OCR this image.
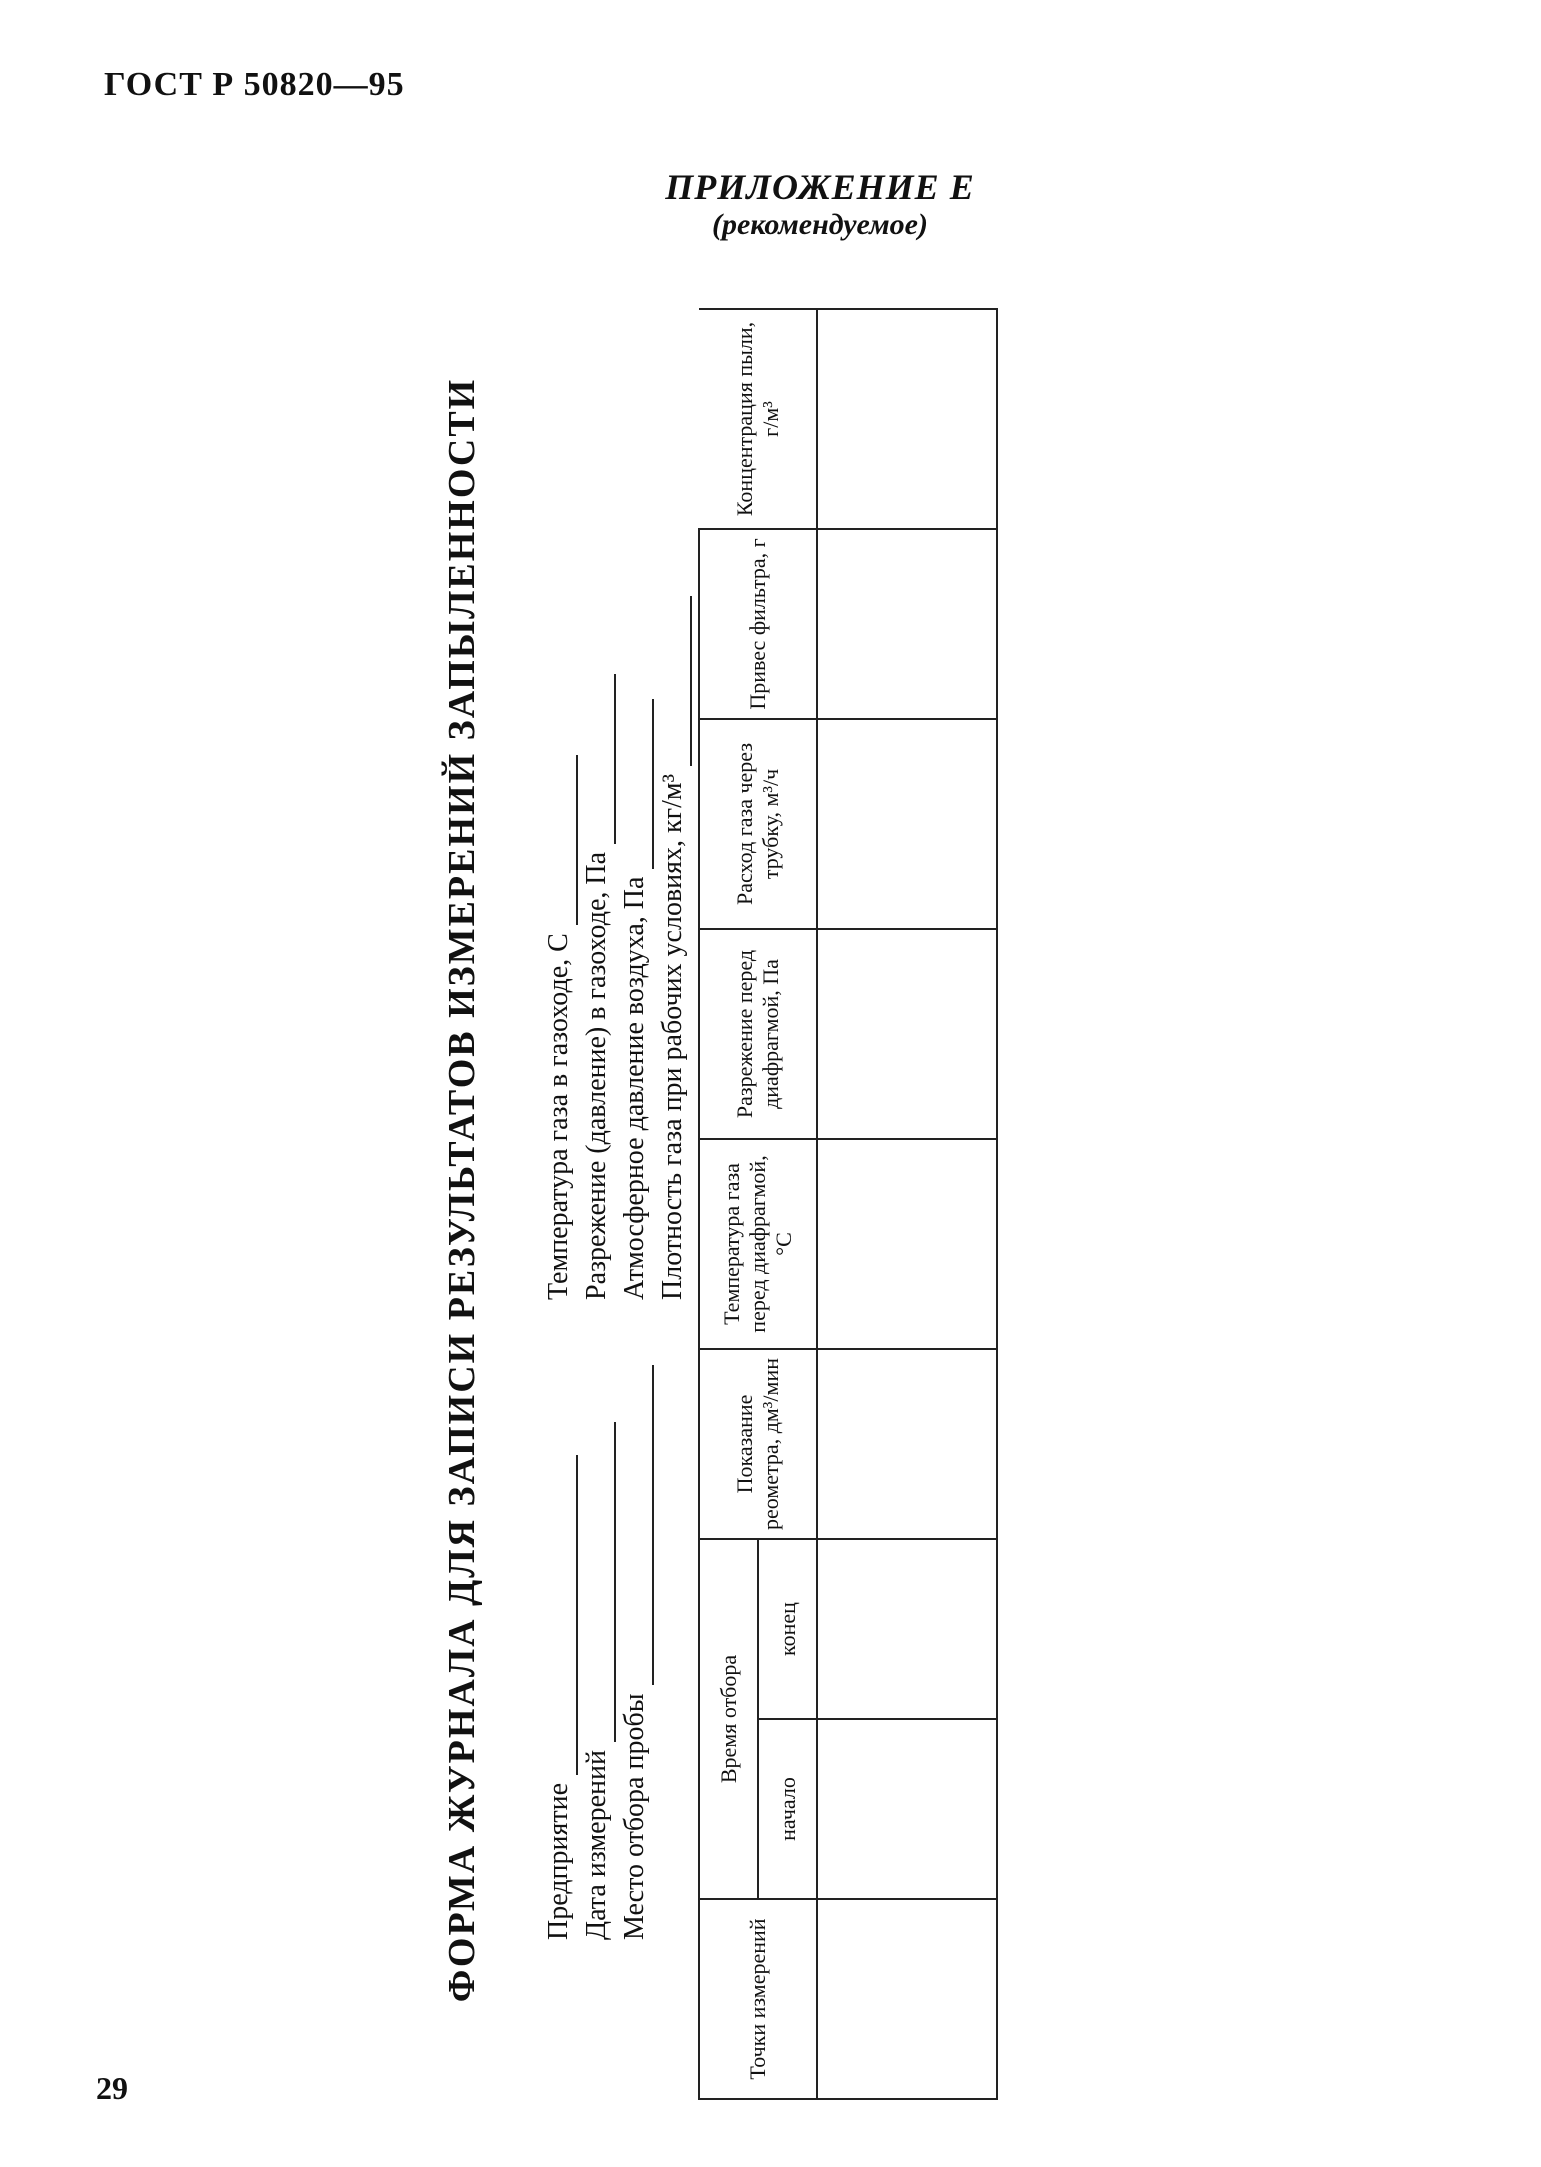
ГОСТ Р 50820—95
ПРИЛОЖЕНИЕ Е
(рекомендуемое)
ФОРМА ЖУРНАЛА ДЛЯ ЗАПИСИ РЕЗУЛЬТАТОВ ИЗМЕРЕНИЙ ЗАПЫЛЕННОСТИ Предприятие Дата измерений Место отбора пробы
Температура газа в газоходе, С Разрежение (давление) в газоходе, Па Атмосферное давление воздуха, Па Плотность газа при рабочих условиях, кг/м³
Точки измерений	Время отбора		Показание реометра, дм³/мин	Температура газа перед диафрагмой, °С	Разрежение перед диафрагмой, Па	Расход газа через трубку, м³/ч	Привес фильтра, г	Концентрация пыли, г/м³
	начало	конец						

29
